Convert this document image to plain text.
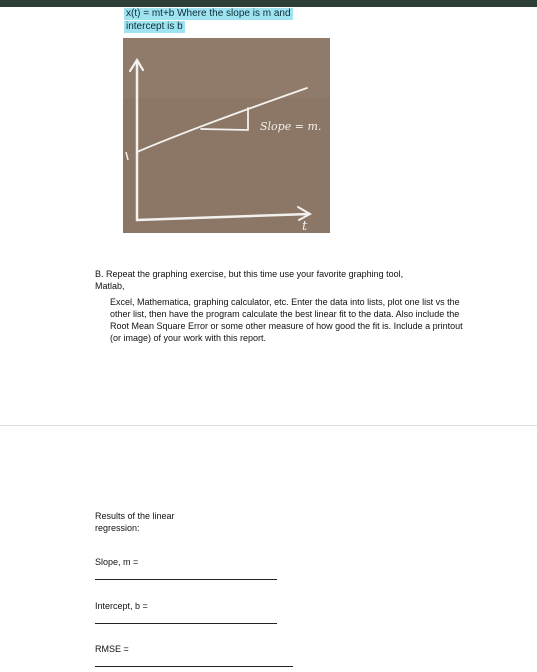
x(t) = mt+b Where the slope is m and
intercept is b
Slope = m.
t

B. Repeat the graphing exercise, but this time use your favorite graphing tool,

Matlab,

Excel, Mathematica, graphing calculator, etc. Enter the data into lists, plot one list vs the other list, then have the program calculate the best linear fit to the data. Also include the Root Mean Square Error or some other measure of how good the fit is. Include a printout (or image) of your work with this report.

Results of the linear regression:

Slope, m =
Intercept, b =
RMSE =
